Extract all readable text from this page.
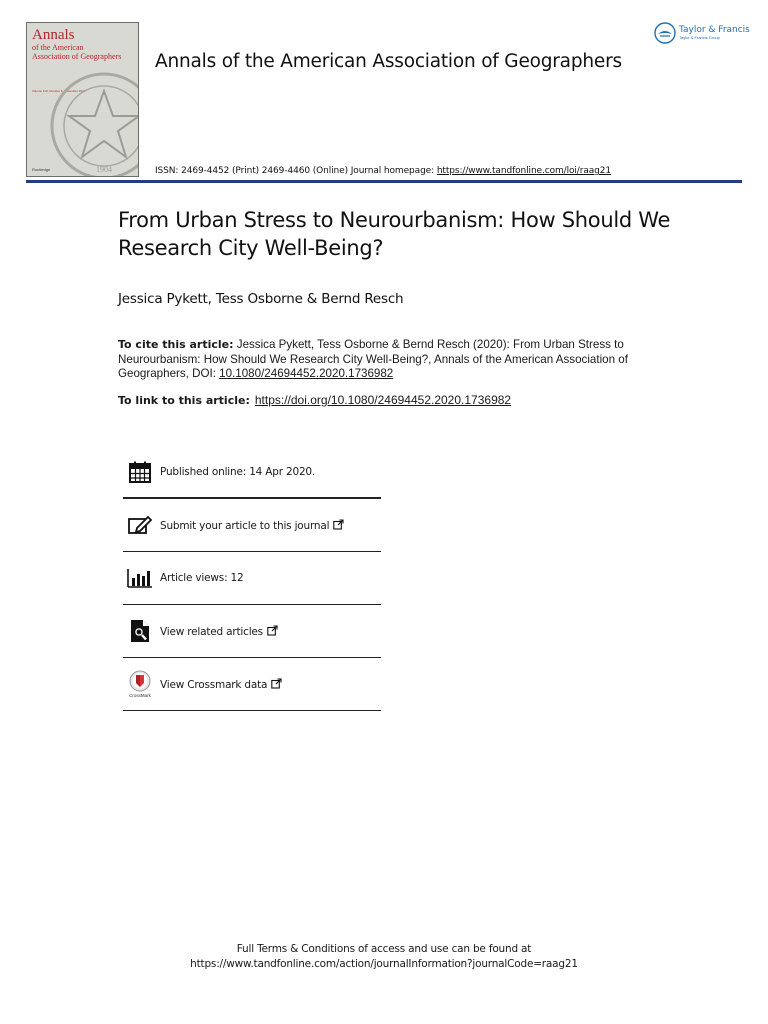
Annals
of the American
Association of Geographers
Volume 110, Number 6, November 2020
1904
Routledge
Annals of the American Association of Geographers
Taylor & Francis
Taylor & Francis Group
ISSN: 2469-4452 (Print) 2469-4460 (Online) Journal homepage: https://www.tandfonline.com/loi/raag21
From Urban Stress to Neurourbanism: How Should We Research City Well-Being?
Jessica Pykett, Tess Osborne & Bernd Resch
To cite this article: Jessica Pykett, Tess Osborne & Bernd Resch (2020): From Urban Stress to Neurourbanism: How Should We Research City Well-Being?, Annals of the American Association of Geographers, DOI: 10.1080/24694452.2020.1736982
To link to this article: https://doi.org/10.1080/24694452.2020.1736982
Published online: 14 Apr 2020.
Submit your article to this journal
Article views: 12
View related articles
CrossMark
View Crossmark data
Full Terms & Conditions of access and use can be found at
https://www.tandfonline.com/action/journalInformation?journalCode=raag21
